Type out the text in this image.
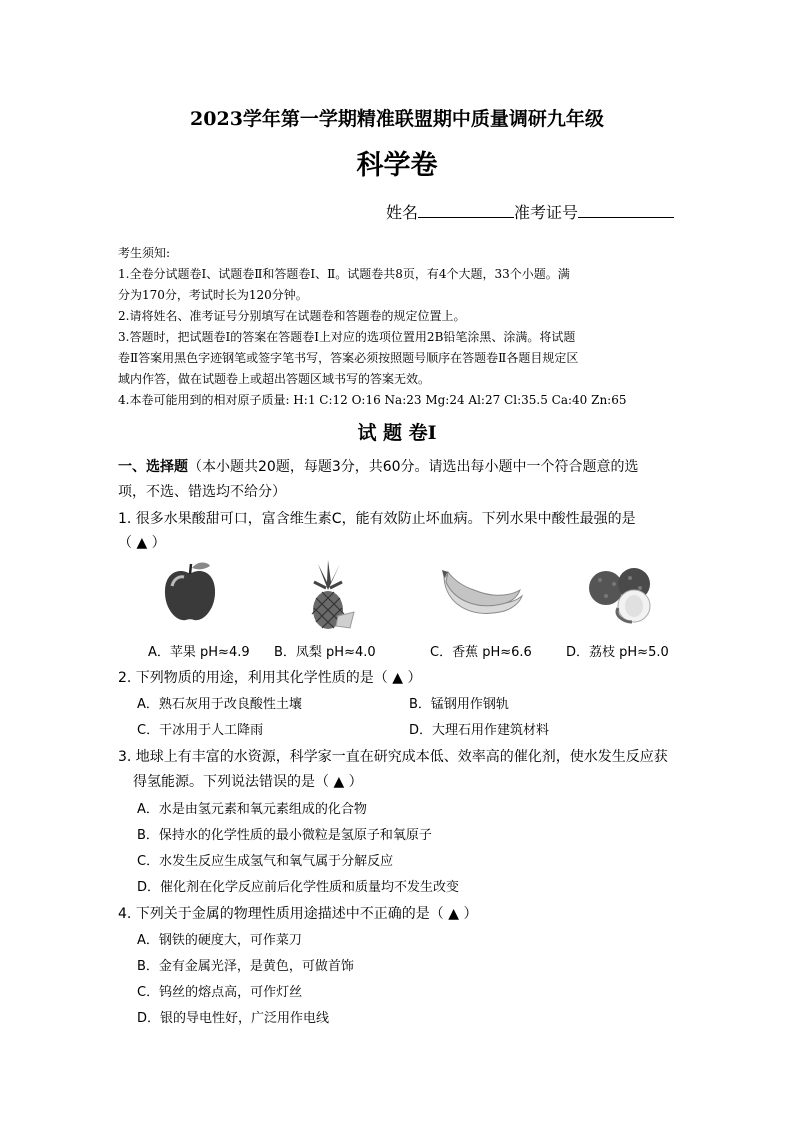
2023学年第一学期精准联盟期中质量调研九年级
科学卷
姓名	准考证号
考生须知:
1.全卷分试题卷Ⅰ、试题卷Ⅱ和答题卷Ⅰ、Ⅱ。试题卷共8页，有4个大题，33个小题。满
分为170分，考试时长为120分钟。
2.请将姓名、准考证号分别填写在试题卷和答题卷的规定位置上。
3.答题时，把试题卷Ⅰ的答案在答题卷Ⅰ上对应的选项位置用2B铅笔涂黑、涂满。将试题
卷Ⅱ答案用黑色字迹钢笔或签字笔书写，答案必须按照题号顺序在答题卷Ⅱ各题目规定区
域内作答，做在试题卷上或超出答题区域书写的答案无效。
4.本卷可能用到的相对原子质量: H:1 C:12 O:16 Na:23 Mg:24 Al:27 Cl:35.5 Ca:40 Zn:65
试 题 卷Ⅰ
一、选择题（本小题共20题，每题3分，共60分。请选出每小题中一个符合题意的选
项，不选、错选均不给分）
1. 很多水果酸甜可口，富含维生素C，能有效防止坏血病。下列水果中酸性最强的是
（ ▲ ）
A．苹果 pH≈4.9 B．凤梨 pH≈4.0	C．香蕉 pH≈6.6	D．荔枝 pH≈5.0
2. 下列物质的用途，利用其化学性质的是（ ▲ ）
A．熟石灰用于改良酸性土壤	B．锰钢用作钢轨
C．干冰用于人工降雨	D．大理石用作建筑材料
3. 地球上有丰富的水资源，科学家一直在研究成本低、效率高的催化剂，使水发生反应获
得氢能源。下列说法错误的是（ ▲ ）
A．水是由氢元素和氧元素组成的化合物
B．保持水的化学性质的最小微粒是氢原子和氧原子
C．水发生反应生成氢气和氧气属于分解反应
D．催化剂在化学反应前后化学性质和质量均不发生改变
4. 下列关于金属的物理性质用途描述中不正确的是（ ▲ ）
A．钢铁的硬度大，可作菜刀
B．金有金属光泽，是黄色，可做首饰
C．钨丝的熔点高，可作灯丝
D．银的导电性好，广泛用作电线
